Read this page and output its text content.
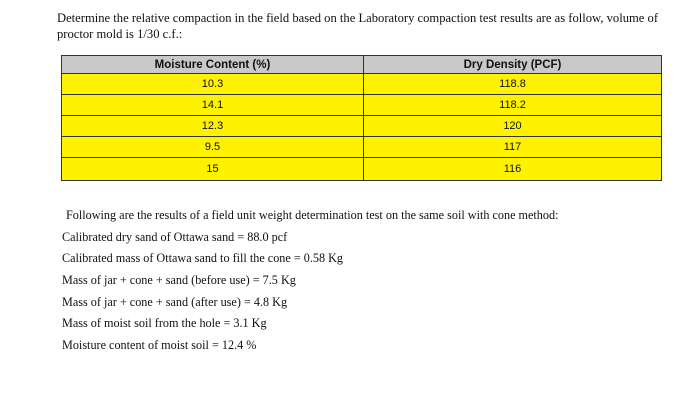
Determine the relative compaction in the field based on the Laboratory compaction test results are as follow, volume of proctor mold is 1/30 c.f.:

Moisture Content (%)	Dry Density (PCF)
10.3	118.8
14.1	118.2
12.3	120
9.5	117
15	116

Following are the results of a field unit weight determination test on the same soil with cone method:

Calibrated dry sand of Ottawa sand = 88.0 pcf

Calibrated mass of Ottawa sand to fill the cone = 0.58 Kg

Mass of jar + cone + sand (before use) = 7.5 Kg

Mass of jar + cone + sand (after use) = 4.8 Kg

Mass of moist soil from the hole = 3.1 Kg

Moisture content of moist soil = 12.4 %
